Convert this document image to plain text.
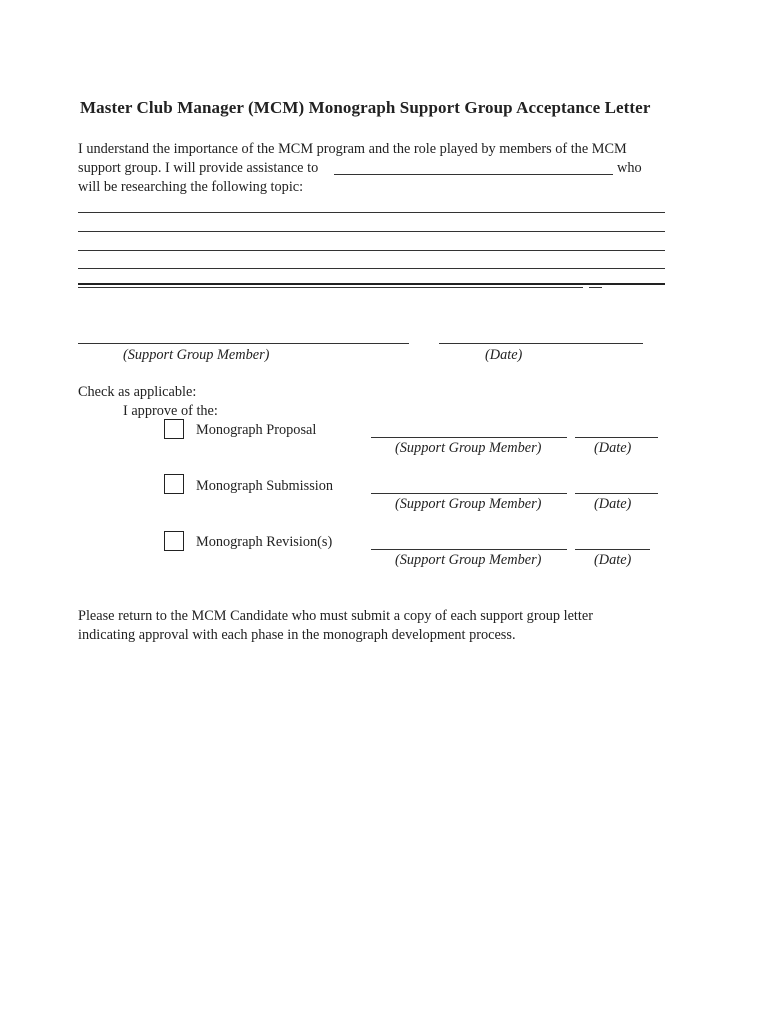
Master Club Manager (MCM) Monograph Support Group Acceptance Letter
I understand the importance of the MCM program and the role played by members of the MCM
support group. I will provide assistance to	who
will be researching the following topic:
(Support Group Member)	(Date)
Check as applicable:
I approve of the:
Monograph Proposal
(Support Group Member)	(Date)
Monograph Submission
(Support Group Member)	(Date)
Monograph Revision(s)
(Support Group Member)	(Date)
Please return to the MCM Candidate who must submit a copy of each support group letter
indicating approval with each phase in the monograph development process.
